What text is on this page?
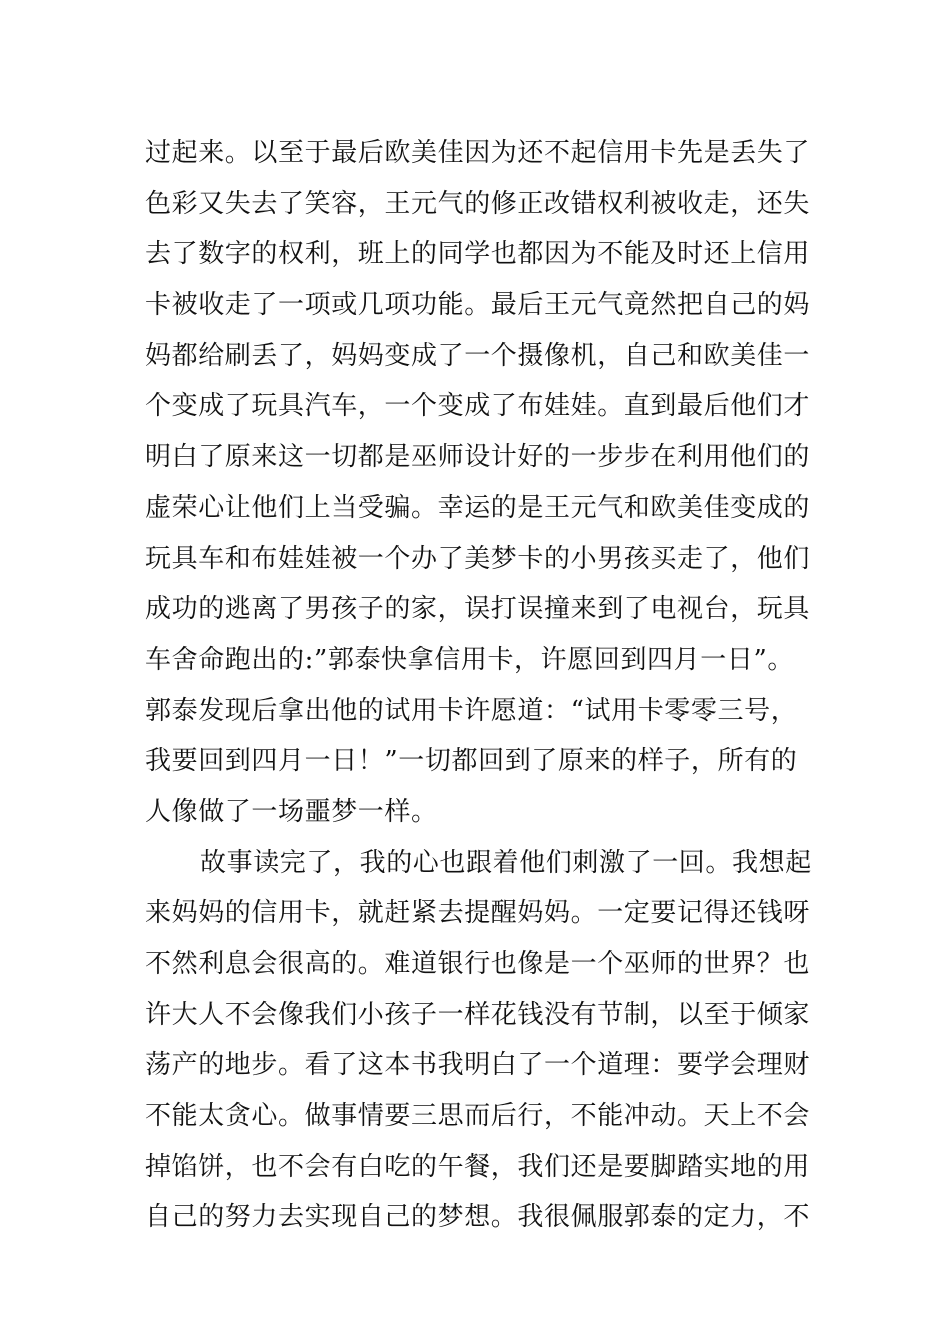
过起来。以至于最后欧美佳因为还不起信用卡先是丢失了
色彩又失去了笑容，王元气的修正改错权利被收走，还失
去了数字的权利，班上的同学也都因为不能及时还上信用
卡被收走了一项或几项功能。最后王元气竟然把自己的妈
妈都给刷丢了，妈妈变成了一个摄像机，自己和欧美佳一
个变成了玩具汽车，一个变成了布娃娃。直到最后他们才
明白了原来这一切都是巫师设计好的一步步在利用他们的
虚荣心让他们上当受骗。幸运的是王元气和欧美佳变成的
玩具车和布娃娃被一个办了美梦卡的小男孩买走了，他们
成功的逃离了男孩子的家，误打误撞来到了电视台，玩具
车舍命跑出的:”郭泰快拿信用卡，许愿回到四月一日”。
郭泰发现后拿出他的试用卡许愿道：“试用卡零零三号，
我要回到四月一日！”一切都回到了原来的样子，所有的
人像做了一场噩梦一样。
故事读完了，我的心也跟着他们刺激了一回。我想起
来妈妈的信用卡，就赶紧去提醒妈妈。一定要记得还钱呀
不然利息会很高的。难道银行也像是一个巫师的世界？也
许大人不会像我们小孩子一样花钱没有节制，以至于倾家
荡产的地步。看了这本书我明白了一个道理：要学会理财
不能太贪心。做事情要三思而后行，不能冲动。天上不会
掉馅饼，也不会有白吃的午餐，我们还是要脚踏实地的用
自己的努力去实现自己的梦想。我很佩服郭泰的定力，不
